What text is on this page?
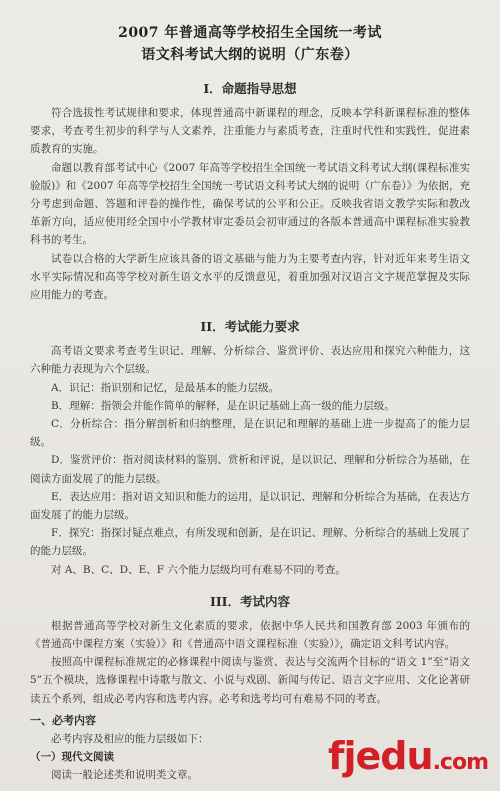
2007 年普通高等学校招生全国统一考试
语文科考试大纲的说明（广东卷）
I．命题指导思想

符合选拔性考试规律和要求，体现普通高中新课程的理念，反映本学科新课程标准的整体要求，考查考生初步的科学与人文素养，注重能力与素质考查，注重时代性和实践性，促进素质教育的实施。

命题以教育部考试中心《2007 年高等学校招生全国统一考试语文科考试大纲(课程标准实验版)》和《2007 年高等学校招生全国统一考试语文科考试大纲的说明（广东卷）》为依据，充分考虑到命题、答题和评卷的操作性，确保考试的公平和公正。反映我省语文教学实际和教改革新方向，适应使用经全国中小学教材审定委员会初审通过的各版本普通高中课程标准实验教科书的考生。

试卷以合格的大学新生应该具备的语文基础与能力为主要考查内容，针对近年来考生语文水平实际情况和高等学校对新生语文水平的反馈意见，着重加强对汉语言文字规范掌握及实际应用能力的考查。

II．考试能力要求

高考语文要求考查考生识记、理解、分析综合、鉴赏评价、表达应用和探究六种能力，这六种能力表现为六个层级。

A．识记：指识别和记忆，是最基本的能力层级。

B．理解：指领会并能作简单的解释，是在识记基础上高一级的能力层级。

C．分析综合：指分解剖析和归纳整理，是在识记和理解的基础上进一步提高了的能力层级。

D．鉴赏评价：指对阅读材料的鉴别、赏析和评说，是以识记、理解和分析综合为基础，在阅读方面发展了的能力层级。

E．表达应用：指对语文知识和能力的运用，是以识记、理解和分析综合为基础，在表达方面发展了的能力层级。

F．探究：指探讨疑点难点，有所发现和创新，是在识记、理解、分析综合的基础上发展了的能力层级。

对 A、B、C、D、E、F 六个能力层级均可有难易不同的考查。

III．考试内容

根据普通高等学校对新生文化素质的要求，依据中华人民共和国教育部 2003 年颁布的《普通高中课程方案（实验）》和《普通高中语文课程标准（实验）》，确定语文科考试内容。

按照高中课程标准规定的必修课程中阅读与鉴赏、表达与交流两个目标的“语文 1”至“语文 5”五个模块，选修课程中诗歌与散文、小说与戏剧、新闻与传记、语言文字应用、文化论著研读五个系列，组成必考内容和选考内容。必考和选考均可有难易不同的考查。

一、必考内容

必考内容及相应的能力层级如下：

（一）现代文阅读

阅读一般论述类和说明类文章。	fjedu.com
